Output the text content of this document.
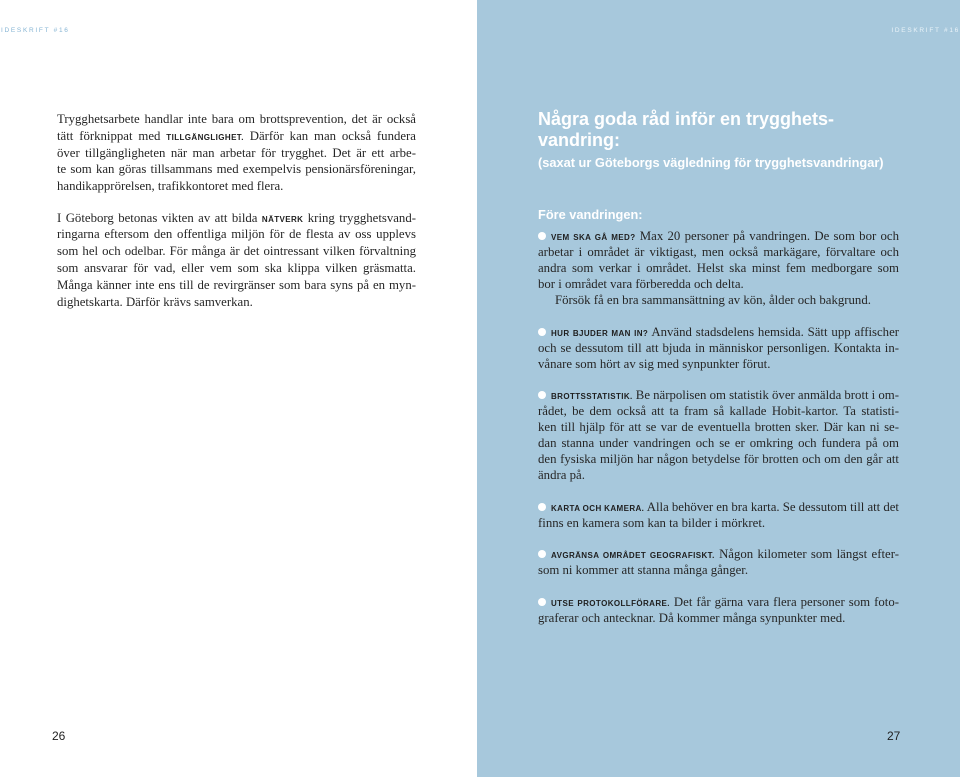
IDESKRIFT #16
Trygghetsarbete handlar inte bara om brottsprevention, det är också
tätt förknippat med TILLGÄNGLIGHET. Därför kan man också fundera
över tillgängligheten när man arbetar för trygghet. Det är ett arbe-
te som kan göras tillsammans med exempelvis pensionärsföreningar,
handikapprörelsen, trafikkontoret med flera.
I Göteborg betonas vikten av att bilda NÄTVERK kring trygghetsvand-
ringarna eftersom den offentliga miljön för de flesta av oss upplevs
som hel och odelbar. För många är det ointressant vilken förvaltning
som ansvarar för vad, eller vem som ska klippa vilken gräsmatta.
Många känner inte ens till de revirgränser som bara syns på en myn-
dighetskarta. Därför krävs samverkan.
26
IDESKRIFT #16
Några goda råd inför en trygghets-
vandring:
(saxat ur Göteborgs vägledning för trygghetsvandringar)
Före vandringen:
VEM SKA GÅ MED? Max 20 personer på vandringen. De som bor och
arbetar i området är viktigast, men också markägare, förvaltare och
andra som verkar i området. Helst ska minst fem medborgare som
bor i området vara förberedda och delta.
Försök få en bra sammansättning av kön, ålder och bakgrund.
HUR BJUDER MAN IN? Använd stadsdelens hemsida. Sätt upp affischer
och se dessutom till att bjuda in människor personligen. Kontakta in-
vånare som hört av sig med synpunkter förut.
BROTTSSTATISTIK. Be närpolisen om statistik över anmälda brott i om-
rådet, be dem också att ta fram så kallade Hobit-kartor. Ta statisti-
ken till hjälp för att se var de eventuella brotten sker. Där kan ni se-
dan stanna under vandringen och se er omkring och fundera på om
den fysiska miljön har någon betydelse för brotten och om den går att
ändra på.
KARTA OCH KAMERA. Alla behöver en bra karta. Se dessutom till att det
finns en kamera som kan ta bilder i mörkret.
AVGRÄNSA OMRÅDET GEOGRAFISKT. Någon kilometer som längst efter-
som ni kommer att stanna många gånger.
UTSE PROTOKOLLFÖRARE. Det får gärna vara flera personer som foto-
graferar och antecknar. Då kommer många synpunkter med.
27
